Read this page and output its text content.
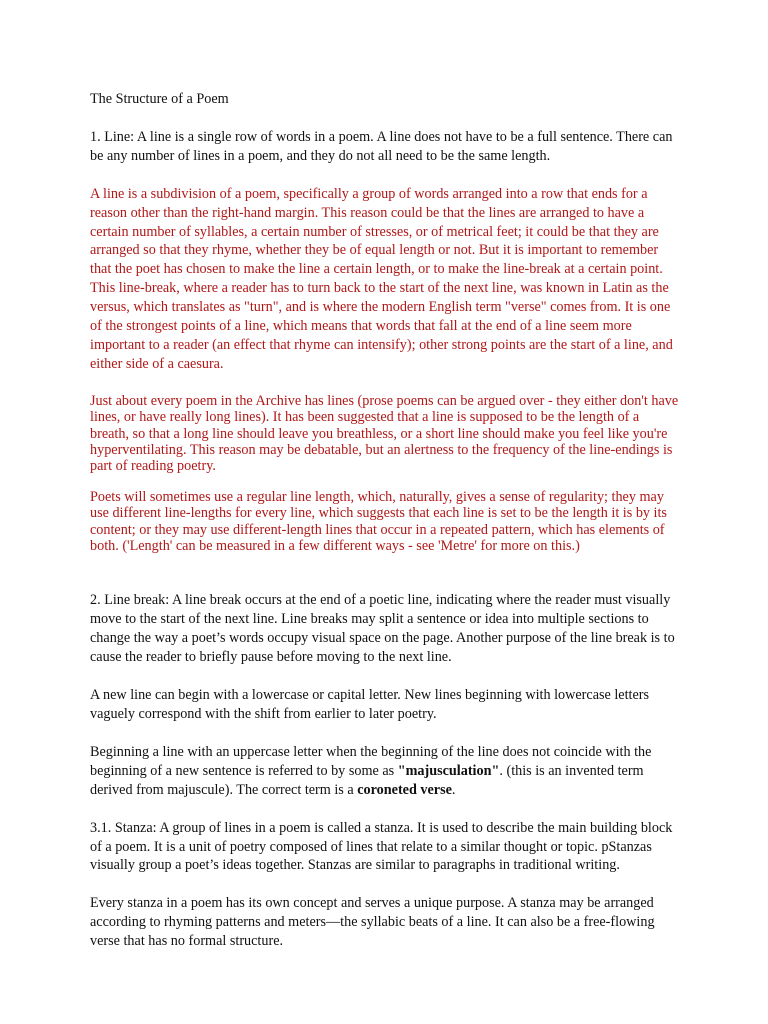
The Structure of a Poem

1. Line: A line is a single row of words in a poem. A line does not have to be a full sentence. There can be any number of lines in a poem, and they do not all need to be the same length.

A line is a subdivision of a poem, specifically a group of words arranged into a row that ends for a reason other than the right-hand margin. This reason could be that the lines are arranged to have a certain number of syllables, a certain number of stresses, or of metrical feet; it could be that they are arranged so that they rhyme, whether they be of equal length or not. But it is important to remember that the poet has chosen to make the line a certain length, or to make the line-break at a certain point. This line-break, where a reader has to turn back to the start of the next line, was known in Latin as the versus, which translates as "turn", and is where the modern English term "verse" comes from. It is one of the strongest points of a line, which means that words that fall at the end of a line seem more important to a reader (an effect that rhyme can intensify); other strong points are the start of a line, and either side of a caesura.

Just about every poem in the Archive has lines (prose poems can be argued over - they either don't have lines, or have really long lines). It has been suggested that a line is supposed to be the length of a breath, so that a long line should leave you breathless, or a short line should make you feel like you're hyperventilating. This reason may be debatable, but an alertness to the frequency of the line-endings is part of reading poetry.

Poets will sometimes use a regular line length, which, naturally, gives a sense of regularity; they may use different line-lengths for every line, which suggests that each line is set to be the length it is by its content; or they may use different-length lines that occur in a repeated pattern, which has elements of both. ('Length' can be measured in a few different ways - see 'Metre' for more on this.)

2. Line break: A line break occurs at the end of a poetic line, indicating where the reader must visually move to the start of the next line. Line breaks may split a sentence or idea into multiple sections to change the way a poet’s words occupy visual space on the page. Another purpose of the line break is to cause the reader to briefly pause before moving to the next line.

A new line can begin with a lowercase or capital letter. New lines beginning with lowercase letters vaguely correspond with the shift from earlier to later poetry.

Beginning a line with an uppercase letter when the beginning of the line does not coincide with the beginning of a new sentence is referred to by some as "majusculation". (this is an invented term derived from majuscule). The correct term is a coroneted verse.

3.1. Stanza: A group of lines in a poem is called a stanza. It is used to describe the main building block of a poem. It is a unit of poetry composed of lines that relate to a similar thought or topic. pStanzas visually group a poet’s ideas together. Stanzas are similar to paragraphs in traditional writing.

Every stanza in a poem has its own concept and serves a unique purpose. A stanza may be arranged according to rhyming patterns and meters—the syllabic beats of a line. It can also be a free-flowing verse that has no formal structure.
